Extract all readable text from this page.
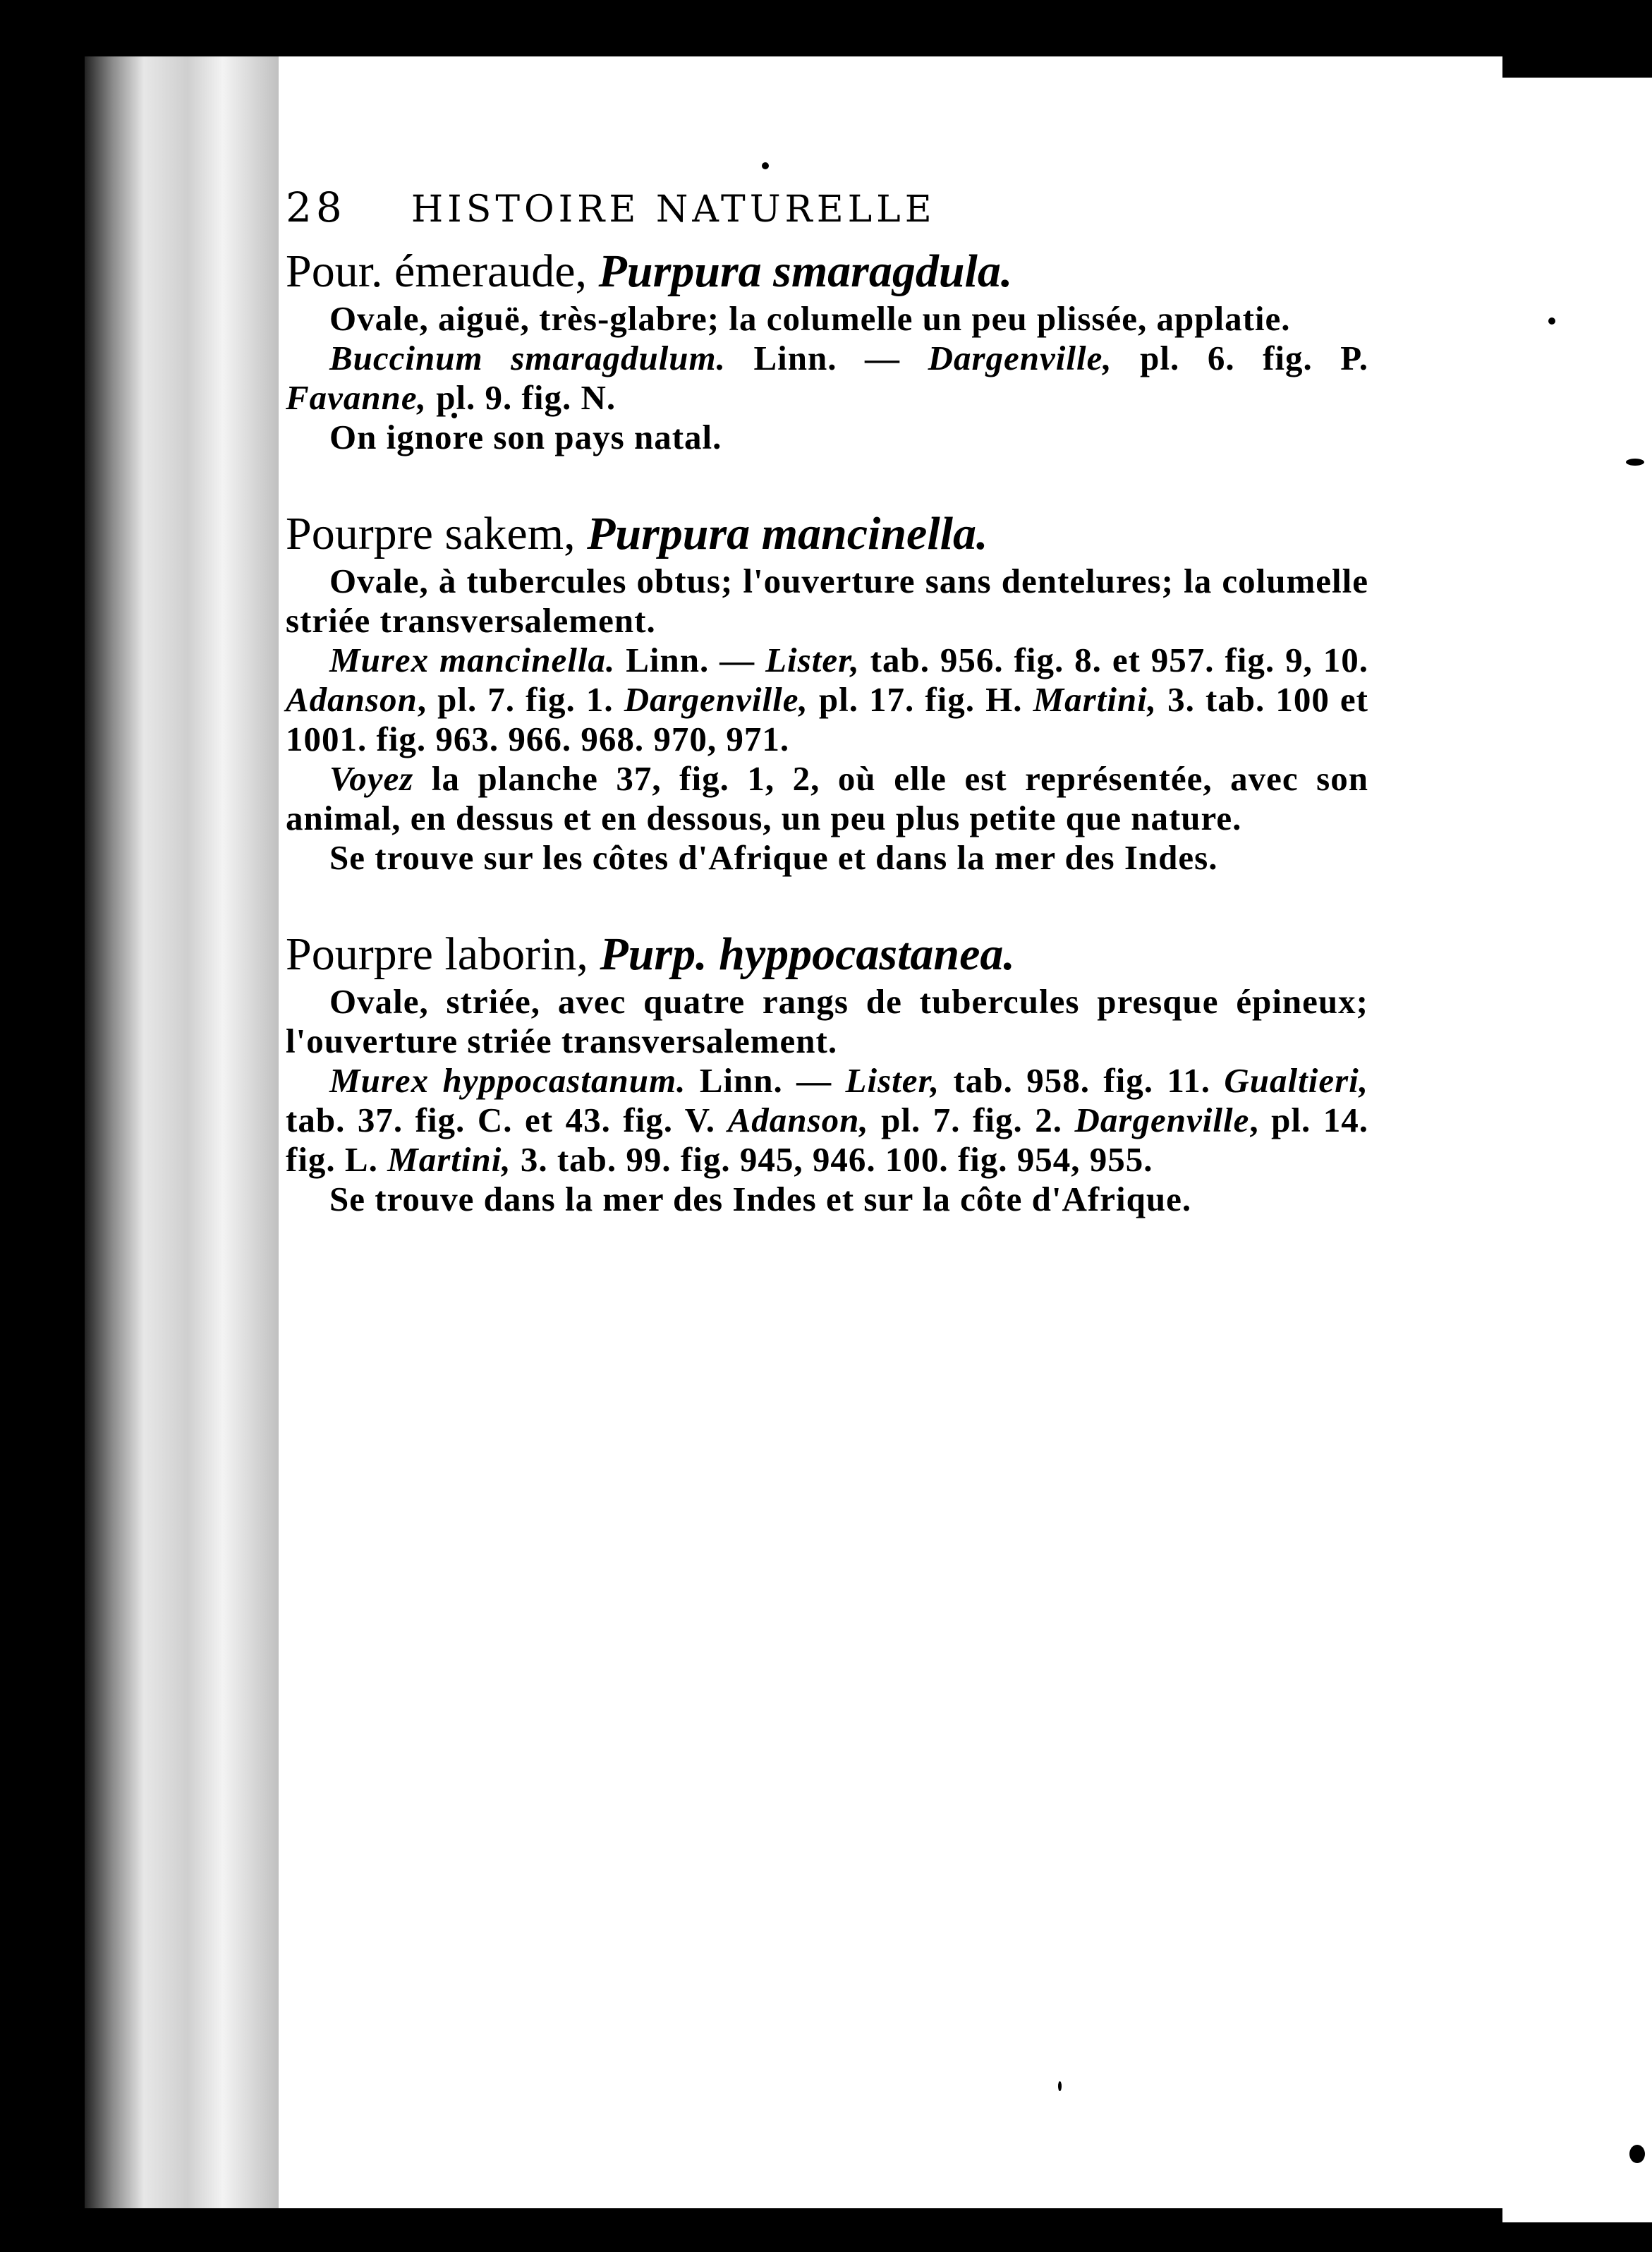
28 HISTOIRE NATURELLE
Pour. émeraude, Purpura smaragdula.

Ovale, aiguë, très-glabre; la columelle un peu plissée, applatie.

Buccinum smaragdulum. Linn. — Dargenville, pl. 6. fig. P. Favanne, pl. 9. fig. N.

On ignore son pays natal.

Pourpre sakem, Purpura mancinella.

Ovale, à tubercules obtus; l'ouverture sans dentelures; la columelle striée transversalement.

Murex mancinella. Linn. — Lister, tab. 956. fig. 8. et 957. fig. 9, 10. Adanson, pl. 7. fig. 1. Dargenville, pl. 17. fig. H. Martini, 3. tab. 100 et 1001. fig. 963. 966. 968. 970, 971.

Voyez la planche 37, fig. 1, 2, où elle est représentée, avec son animal, en dessus et en dessous, un peu plus petite que nature.

Se trouve sur les côtes d'Afrique et dans la mer des Indes.

Pourpre laborin, Purp. hyppocastanea.

Ovale, striée, avec quatre rangs de tubercules presque épineux; l'ouverture striée transversalement.

Murex hyppocastanum. Linn. — Lister, tab. 958. fig. 11. Gualtieri, tab. 37. fig. C. et 43. fig. V. Adanson, pl. 7. fig. 2. Dargenville, pl. 14. fig. L. Martini, 3. tab. 99. fig. 945, 946. 100. fig. 954, 955.

Se trouve dans la mer des Indes et sur la côte d'Afrique.
